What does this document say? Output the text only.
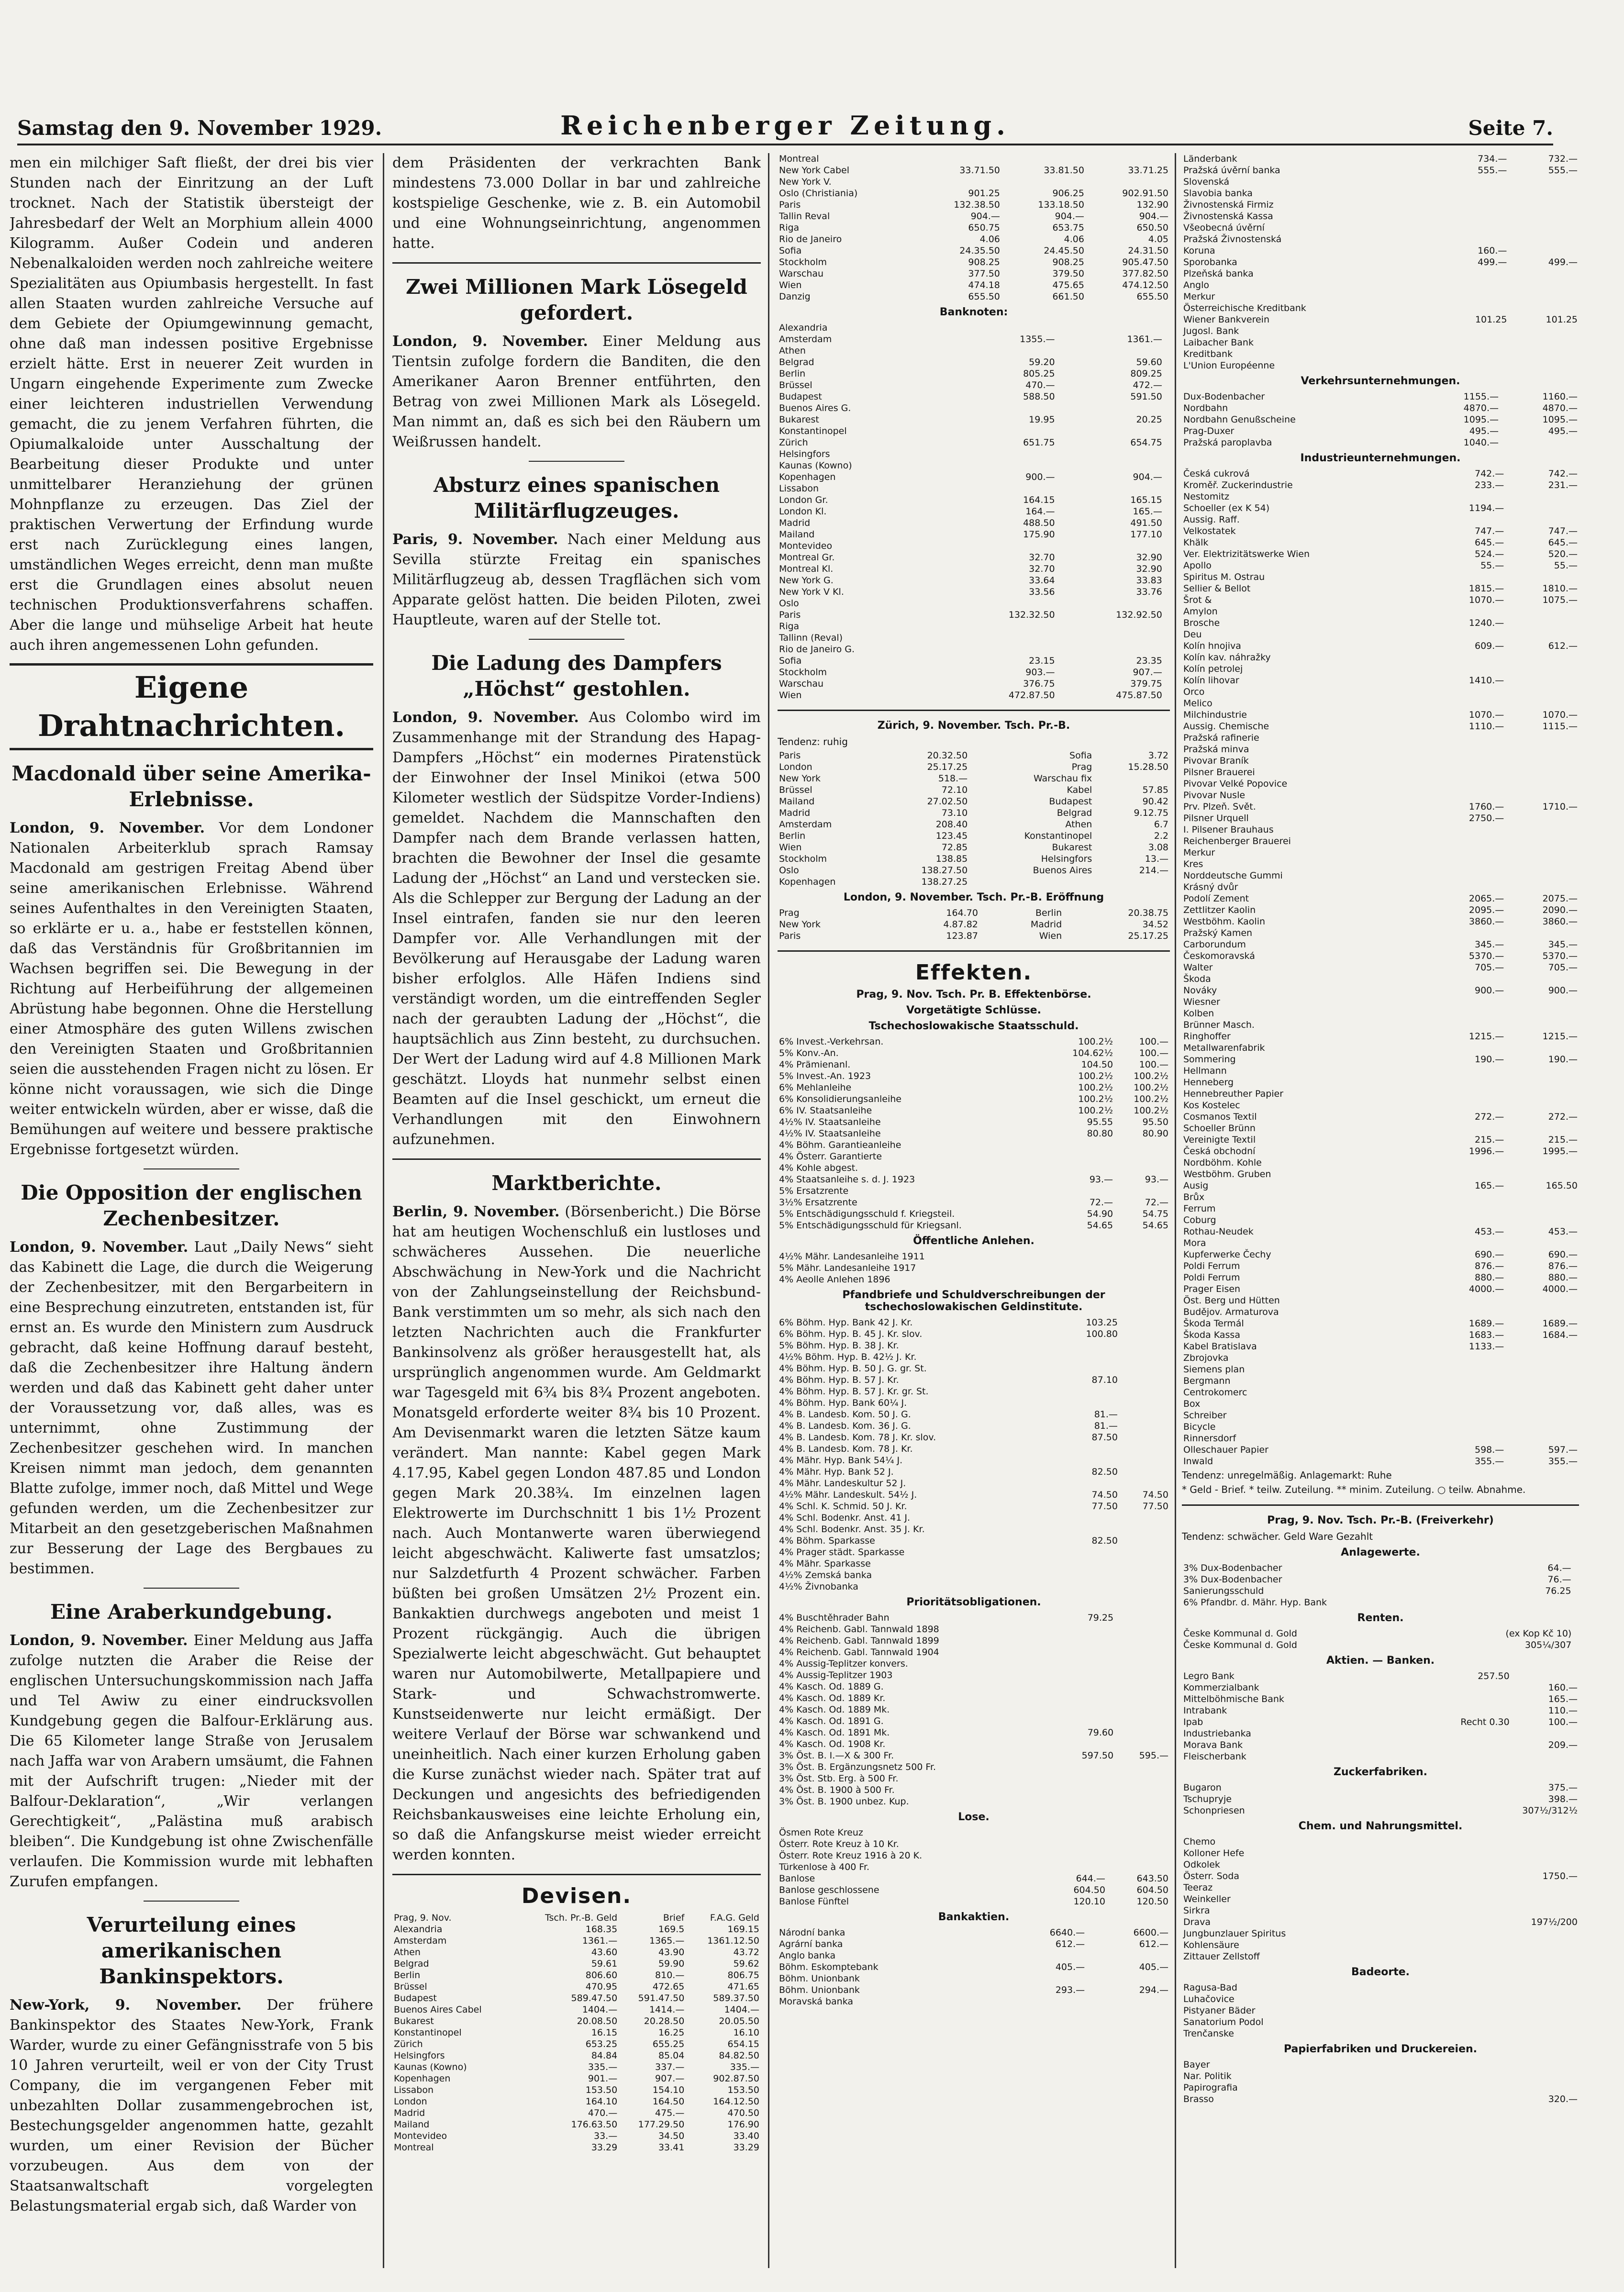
Samstag den 9. November 1929.	Reichenberger Zeitung.	Seite 7.

men ein milchiger Saft fließt, der drei bis vier Stunden nach der Einritzung an der Luft trocknet. Nach der Statistik übersteigt der Jahresbedarf der Welt an Morphium allein 4000 Kilogramm. Außer Codein und anderen Nebenalkaloiden werden noch zahlreiche weitere Spezialitäten aus Opiumbasis hergestellt. In fast allen Staaten wurden zahlreiche Versuche auf dem Gebiete der Opiumgewinnung gemacht, ohne daß man indessen positive Ergebnisse erzielt hätte. Erst in neuerer Zeit wurden in Ungarn eingehende Experimente zum Zwecke einer leichteren industriellen Verwendung gemacht, die zu jenem Verfahren führten, die Opiumalkaloide unter Ausschaltung der Bearbeitung dieser Produkte und unter unmittelbarer Heranziehung der grünen Mohnpflanze zu erzeugen. Das Ziel der praktischen Verwertung der Erfindung wurde erst nach Zurücklegung eines langen, umständlichen Weges erreicht, denn man mußte erst die Grundlagen eines absolut neuen technischen Produktionsverfahrens schaffen. Aber die lange und mühselige Arbeit hat heute auch ihren angemessenen Lohn gefunden.

Eigene Drahtnachrichten.
Macdonald über seine Amerika-Erlebnisse.

London, 9. November. Vor dem Londoner Nationalen Arbeiterklub sprach Ramsay Macdonald am gestrigen Freitag Abend über seine amerikanischen Erlebnisse. Während seines Aufenthaltes in den Vereinigten Staaten, so erklärte er u. a., habe er feststellen können, daß das Verständnis für Großbritannien im Wachsen begriffen sei. Die Bewegung in der Richtung auf Herbeiführung der allgemeinen Abrüstung habe begonnen. Ohne die Herstellung einer Atmosphäre des guten Willens zwischen den Vereinigten Staaten und Großbritannien seien die ausstehenden Fragen nicht zu lösen. Er könne nicht voraussagen, wie sich die Dinge weiter entwickeln würden, aber er wisse, daß die Bemühungen auf weitere und bessere praktische Ergebnisse fortgesetzt würden.

Die Opposition der englischen Zechenbesitzer.

London, 9. November. Laut „Daily News“ sieht das Kabinett die Lage, die durch die Weigerung der Zechenbesitzer, mit den Bergarbeitern in eine Besprechung einzutreten, entstanden ist, für ernst an. Es wurde den Ministern zum Ausdruck gebracht, daß keine Hoffnung darauf besteht, daß die Zechenbesitzer ihre Haltung ändern werden und daß das Kabinett geht daher unter der Voraussetzung vor, daß alles, was es unternimmt, ohne Zustimmung der Zechenbesitzer geschehen wird. In manchen Kreisen nimmt man jedoch, dem genannten Blatte zufolge, immer noch, daß Mittel und Wege gefunden werden, um die Zechenbesitzer zur Mitarbeit an den gesetzgeberischen Maßnahmen zur Besserung der Lage des Bergbaues zu bestimmen.

Eine Araberkundgebung.

London, 9. November. Einer Meldung aus Jaffa zufolge nutzten die Araber die Reise der englischen Untersuchungskommission nach Jaffa und Tel Awiw zu einer eindrucksvollen Kundgebung gegen die Balfour-Erklärung aus. Die 65 Kilometer lange Straße von Jerusalem nach Jaffa war von Arabern umsäumt, die Fahnen mit der Aufschrift trugen: „Nieder mit der Balfour-Deklaration“, „Wir verlangen Gerechtigkeit“, „Palästina muß arabisch bleiben“. Die Kundgebung ist ohne Zwischenfälle verlaufen. Die Kommission wurde mit lebhaften Zurufen empfangen.

Verurteilung eines amerikanischen Bankinspektors.

New-York, 9. November. Der frühere Bankinspektor des Staates New-York, Frank Warder, wurde zu einer Gefängnisstrafe von 5 bis 10 Jahren verurteilt, weil er von der City Trust Company, die im vergangenen Feber mit unbezahlten Dollar zusammengebrochen ist, Bestechungsgelder angenommen hatte, gezahlt wurden, um einer Revision der Bücher vorzubeugen. Aus dem von der Staatsanwaltschaft vorgelegten Belastungsmaterial ergab sich, daß Warder von

dem Präsidenten der verkrachten Bank mindestens 73.000 Dollar in bar und zahlreiche kostspielige Geschenke, wie z. B. ein Automobil und eine Wohnungseinrichtung, angenommen hatte.

Zwei Millionen Mark Lösegeld gefordert.

London, 9. November. Einer Meldung aus Tientsin zufolge fordern die Banditen, die den Amerikaner Aaron Brenner entführten, den Betrag von zwei Millionen Mark als Lösegeld. Man nimmt an, daß es sich bei den Räubern um Weißrussen handelt.

Absturz eines spanischen Militärflugzeuges.

Paris, 9. November. Nach einer Meldung aus Sevilla stürzte Freitag ein spanisches Militärflugzeug ab, dessen Tragflächen sich vom Apparate gelöst hatten. Die beiden Piloten, zwei Hauptleute, waren auf der Stelle tot.

Die Ladung des Dampfers „Höchst“ gestohlen.

London, 9. November. Aus Colombo wird im Zusammenhange mit der Strandung des Hapag-Dampfers „Höchst“ ein modernes Piratenstück der Einwohner der Insel Minikoi (etwa 500 Kilometer westlich der Südspitze Vorder-Indiens) gemeldet. Nachdem die Mannschaften den Dampfer nach dem Brande verlassen hatten, brachten die Bewohner der Insel die gesamte Ladung der „Höchst“ an Land und verstecken sie. Als die Schlepper zur Bergung der Ladung an der Insel eintrafen, fanden sie nur den leeren Dampfer vor. Alle Verhandlungen mit der Bevölkerung auf Herausgabe der Ladung waren bisher erfolglos. Alle Häfen Indiens sind verständigt worden, um die eintreffenden Segler nach der geraubten Ladung der „Höchst“, die hauptsächlich aus Zinn besteht, zu durchsuchen. Der Wert der Ladung wird auf 4.8 Millionen Mark geschätzt. Lloyds hat nunmehr selbst einen Beamten auf die Insel geschickt, um erneut die Verhandlungen mit den Einwohnern aufzunehmen.

Marktberichte.

Berlin, 9. November. (Börsenbericht.) Die Börse hat am heutigen Wochenschluß ein lustloses und schwächeres Aussehen. Die neuerliche Abschwächung in New-York und die Nachricht von der Zahlungseinstellung der Reichsbund-Bank verstimmten um so mehr, als sich nach den letzten Nachrichten auch die Frankfurter Bankinsolvenz als größer herausgestellt hat, als ursprünglich angenommen wurde. Am Geldmarkt war Tagesgeld mit 6¾ bis 8¾ Prozent angeboten. Monatsgeld erforderte weiter 8¾ bis 10 Prozent. Am Devisenmarkt waren die letzten Sätze kaum verändert. Man nannte: Kabel gegen Mark 4.17.95, Kabel gegen London 487.85 und London gegen Mark 20.38¾. Im einzelnen lagen Elektrowerte im Durchschnitt 1 bis 1½ Prozent nach. Auch Montanwerte waren überwiegend leicht abgeschwächt. Kaliwerte fast umsatzlos; nur Salzdetfurth 4 Prozent schwächer. Farben büßten bei großen Umsätzen 2½ Prozent ein. Bankaktien durchwegs angeboten und meist 1 Prozent rückgängig. Auch die übrigen Spezialwerte leicht abgeschwächt. Gut behauptet waren nur Automobilwerte, Metallpapiere und Stark- und Schwachstromwerte. Kunstseidenwerte nur leicht ermäßigt. Der weitere Verlauf der Börse war schwankend und uneinheitlich. Nach einer kurzen Erholung gaben die Kurse zunächst wieder nach. Später trat auf Deckungen und angesichts des befriedigenden Reichsbankausweises eine leichte Erholung ein, so daß die Anfangskurse meist wieder erreicht werden konnten.

Devisen.
Prag, 9. Nov.	Tsch. Pr.-B. Geld	Brief	F.A.G. Geld
Alexandria	168.35	169.5	169.15
Amsterdam	1361.—	1365.—	1361.12.50
Athen	43.60	43.90	43.72
Belgrad	59.61	59.90	59.62
Berlin	806.60	810.—	806.75
Brüssel	470.95	472.65	471.65
Budapest	589.47.50	591.47.50	589.37.50
Buenos Aires Cabel	1404.—	1414.—	1404.—
Bukarest	20.08.50	20.28.50	20.05.50
Konstantinopel	16.15	16.25	16.10
Zürich	653.25	655.25	654.15
Helsingfors	84.84	85.04	84.82.50
Kaunas (Kowno)	335.—	337.—	335.—
Kopenhagen	901.—	907.—	902.87.50
Lissabon	153.50	154.10	153.50
London	164.10	164.50	164.12.50
Madrid	470.—	475.—	470.50
Mailand	176.63.50	177.29.50	176.90
Montevideo	33.—	34.50	33.40
Montreal	33.29	33.41	33.29
Montreal			
New York Cabel	33.71.50	33.81.50	33.71.25
New York V.			
Oslo (Christiania)	901.25	906.25	902.91.50
Paris	132.38.50	133.18.50	132.90
Tallin Reval	904.—	904.—	904.—
Riga	650.75	653.75	650.50
Rio de Janeiro	4.06	4.06	4.05
Sofia	24.35.50	24.45.50	24.31.50
Stockholm	908.25	908.25	905.47.50
Warschau	377.50	379.50	377.82.50
Wien	474.18	475.65	474.12.50
Danzig	655.50	661.50	655.50
Banknoten:
Alexandria			
Amsterdam	1355.—	1361.—	
Athen			
Belgrad	59.20	59.60	
Berlin	805.25	809.25	
Brüssel	470.—	472.—	
Budapest	588.50	591.50	
Buenos Aires G.			
Bukarest	19.95	20.25	
Konstantinopel			
Zürich	651.75	654.75	
Helsingfors			
Kaunas (Kowno)			
Kopenhagen	900.—	904.—	
Lissabon			
London Gr.	164.15	165.15	
London Kl.	164.—	165.—	
Madrid	488.50	491.50	
Mailand	175.90	177.10	
Montevideo			
Montreal Gr.	32.70	32.90	
Montreal Kl.	32.70	32.90	
New York G.	33.64	33.83	
New York V Kl.	33.56	33.76	
Oslo			
Paris	132.32.50	132.92.50	
Riga			
Tallinn (Reval)			
Rio de Janeiro G.			
Sofia	23.15	23.35	
Stockholm	903.—	907.—	
Warschau	376.75	379.75	
Wien	472.87.50	475.87.50	
Zürich, 9. November. Tsch. Pr.-B.
Tendenz: ruhig
Paris	20.32.50	Sofia	3.72
London	25.17.25	Prag	15.28.50
New York	518.—	Warschau fix	
Brüssel	72.10	Kabel	57.85
Mailand	27.02.50	Budapest	90.42
Madrid	73.10	Belgrad	9.12.75
Amsterdam	208.40	Athen	6.7
Berlin	123.45	Konstantinopel	2.2
Wien	72.85	Bukarest	3.08
Stockholm	138.85	Helsingfors	13.—
Oslo	138.27.50	Buenos Aires	214.—
Kopenhagen	138.27.25		
London, 9. November. Tsch. Pr.-B. Eröffnung
Prag	164.70	Berlin	20.38.75
New York	4.87.82	Madrid	34.52
Paris	123.87	Wien	25.17.25
Effekten.
Prag, 9. Nov. Tsch. Pr. B. Effektenbörse.
Vorgetätigte Schlüsse.
Tschechoslowakische Staatsschuld.
6% Invest.-Verkehrsan.	100.2½	100.—
5% Konv.-An.	104.62½	100.—
4% Prämienanl.	104.50	100.—
5% Invest.-An. 1923	100.2½	100.2½
6% Mehlanleihe	100.2½	100.2½
6% Konsolidierungsanleihe	100.2½	100.2½
6% IV. Staatsanleihe	100.2½	100.2½
4½% IV. Staatsanleihe	95.55	95.50
4½% IV. Staatsanleihe	80.80	80.90
4% Böhm. Garantieanleihe		
4% Österr. Garantierte		
4% Kohle abgest.		
4% Staatsanleihe s. d. J. 1923	93.—	93.—
5% Ersatzrente		
3½% Ersatzrente	72.—	72.—
5% Entschädigungsschuld f. Kriegsteil.	54.90	54.75
5% Entschädigungsschuld für Kriegsanl.	54.65	54.65
Öffentliche Anlehen.
4½% Mähr. Landesanleihe 1911		
5% Mähr. Landesanleihe 1917		
4% Aeolle Anlehen 1896		
Pfandbriefe und Schuldverschreibungen der tschechoslowakischen Geldinstitute.
6% Böhm. Hyp. Bank 42 J. Kr.	103.25	
6% Böhm. Hyp. B. 45 J. Kr. slov.	100.80	
5% Böhm. Hyp. B. 38 J. Kr.		
4½% Böhm. Hyp. B. 42½ J. Kr.		
4% Böhm. Hyp. B. 50 J. G. gr. St.		
4% Böhm. Hyp. B. 57 J. Kr.	87.10	
4% Böhm. Hyp. B. 57 J. Kr. gr. St.		
4% Böhm. Hyp. Bank 60¼ J.		
4% B. Landesb. Kom. 50 J. G.	81.—	
4% B. Landesb. Kom. 36 J. G.	81.—	
4% B. Landesb. Kom. 78 J. Kr. slov.	87.50	
4% B. Landesb. Kom. 78 J. Kr.		
4% Mähr. Hyp. Bank 54¼ J.		
4% Mähr. Hyp. Bank 52 J.	82.50	
4% Mähr. Landeskultur 52 J.		
4½% Mähr. Landeskult. 54½ J.	74.50	74.50
4% Schl. K. Schmid. 50 J. Kr.	77.50	77.50
4% Schl. Bodenkr. Anst. 41 J.		
4% Schl. Bodenkr. Anst. 35 J. Kr.		
4% Böhm. Sparkasse	82.50	
4% Prager städt. Sparkasse		
4% Mähr. Sparkasse		
4½% Zemská banka		
4½% Živnobanka		
Prioritätsobligationen.
4% Buschtěhrader Bahn	79.25	
4% Reichenb. Gabl. Tannwald 1898		
4% Reichenb. Gabl. Tannwald 1899		
4% Reichenb. Gabl. Tannwald 1904		
4% Aussig-Teplitzer konvers.		
4% Aussig-Teplitzer 1903		
4% Kasch. Od. 1889 G.		
4% Kasch. Od. 1889 Kr.		
4% Kasch. Od. 1889 Mk.		
4% Kasch. Od. 1891 G.		
4% Kasch. Od. 1891 Mk.	79.60	
4% Kasch. Od. 1908 Kr.		
3% Öst. B. I.—X & 300 Fr.	597.50	595.—
3% Öst. B. Ergänzungsnetz 500 Fr.		
3% Öst. Stb. Erg. à 500 Fr.		
4% Öst. B. 1900 à 500 Fr.		
3% Öst. B. 1900 unbez. Kup.		
Lose.
Ösmen Rote Kreuz		
Österr. Rote Kreuz à 10 Kr.		
Österr. Rote Kreuz 1916 à 20 K.		
Türkenlose à 400 Fr.		
Banlose	644.—	643.50
Banlose geschlossene	604.50	604.50
Banlose Fünftel	120.10	120.50
Bankaktien.
Národní banka	6640.—	6600.—
Agrární banka	612.—	612.—
Anglo banka		
Böhm. Eskomptebank	405.—	405.—
Böhm. Unionbank		
Böhm. Unionbank	293.—	294.—
Moravská banka		
Länderbank	734.—	732.—
Pražská úvěrní banka	555.—	555.—
Slovenská		
Slavobia banka		
Živnostenská Firmiz		
Živnostenská Kassa		
Všeobecná úvěrní		
Pražská Živnostenská		
Koruna	160.—	
Sporobanka	499.—	499.—
Plzeňská banka		
Anglo		
Merkur		
Österreichische Kreditbank		
Wiener Bankverein	101.25	101.25
Jugosl. Bank		
Laibacher Bank		
Kreditbank		
L'Union Européenne		
Verkehrsunternehmungen.
Dux-Bodenbacher	1155.—	1160.—
Nordbahn	4870.—	4870.—
Nordbahn Genußscheine	1095.—	1095.—
Prag-Duxer	495.—	495.—
Pražská paroplavba	1040.—	
Industrieunternehmungen.
Česká cukrová	742.—	742.—
Kroměř. Zuckerindustrie	233.—	231.—
Nestomitz		
Schoeller (ex K 54)	1194.—	
Aussig. Raff.		
Velkostatek	747.—	747.—
Khälk	645.—	645.—
Ver. Elektrizitätswerke Wien	524.—	520.—
Apollo	55.—	55.—
Spiritus M. Ostrau		
Sellier & Bellot	1815.—	1810.—
Šrot &	1070.—	1075.—
Amylon		
Brosche	1240.—	
Deu		
Kolín hnojiva	609.—	612.—
Kolín kav. náhražky		
Kolín petrolej		
Kolín lihovar	1410.—	
Orco		
Melico		
Milchindustrie	1070.—	1070.—
Aussig. Chemische	1110.—	1115.—
Pražská rafinerie		
Pražská minva		
Pivovar Braník		
Pilsner Brauerei		
Pivovar Velké Popovice		
Pivovar Nusle		
Prv. Plzeň. Svět.	1760.—	1710.—
Pilsner Urquell	2750.—	
I. Pilsener Brauhaus		
Reichenberger Brauerei		
Merkur		
Kres		
Norddeutsche Gummi		
Krásný dvůr		
Podolí Zement	2065.—	2075.—
Zettlitzer Kaolin	2095.—	2090.—
Westböhm. Kaolin	3860.—	3860.—
Pražský Kamen		
Carborundum	345.—	345.—
Českomoravská	5370.—	5370.—
Walter	705.—	705.—
Škoda		
Nováky	900.—	900.—
Wiesner		
Kolben		
Brünner Masch.		
Ringhoffer	1215.—	1215.—
Metallwarenfabrik		
Sommering	190.—	190.—
Hellmann		
Henneberg		
Hennebreuther Papier		
Kos Kostelec		
Cosmanos Textil	272.—	272.—
Schoeller Brünn		
Vereinigte Textil	215.—	215.—
Česká obchodní	1996.—	1995.—
Nordböhm. Kohle		
Westböhm. Gruben		
Ausig	165.—	165.50
Brůx		
Ferrum		
Coburg		
Rothau-Neudek	453.—	453.—
Mora		
Kupferwerke Čechy	690.—	690.—
Poldi Ferrum	876.—	876.—
Poldi Ferrum	880.—	880.—
Prager Eisen	4000.—	4000.—
Öst. Berg und Hütten		
Budějov. Armaturova		
Škoda Termál	1689.—	1689.—
Škoda Kassa	1683.—	1684.—
Kabel Bratislava	1133.—	
Zbrojovka		
Siemens plan		
Bergmann		
Centrokomerc		
Box		
Schreiber		
Bicycle		
Rinnersdorf		
Olleschauer Papier	598.—	597.—
Inwald	355.—	355.—
Tendenz: unregelmäßig. Anlagemarkt: Ruhe
* Geld - Brief. * teilw. Zuteilung. ** minim. Zuteilung. ○ teilw. Abnahme.
Prag, 9. Nov. Tsch. Pr.-B. (Freiverkehr)
Tendenz: schwächer. Geld Ware Gezahlt
Anlagewerte.
3% Dux-Bodenbacher	64.—	
3% Dux-Bodenbacher	76.—	
Sanierungsschuld	76.25	
6% Pfandbr. d. Mähr. Hyp. Bank		
Renten.
Česke Kommunal d. Gold	(ex Kop Kč 10)	
Česke Kommunal d. Gold	305¼/307	
Aktien. — Banken.
Legro Bank	257.50	
Kommerzialbank		160.—
Mittelböhmische Bank		165.—
Intrabank		110.—
Ipab	Recht 0.30	100.—
Industriebanka		
Morava Bank		209.—
Fleischerbank		
Zuckerfabriken.
Bugaron		375.—
Tschupryje		398.—
Schonpriesen		307½/312½
Chem. und Nahrungsmittel.
Chemo		
Kolloner Hefe		
Odkolek		
Österr. Soda		1750.—
Teeraz		
Weinkeller		
Sirkra		
Drava		197½/200
Jungbunzlauer Spiritus		
Kohlensäure		
Zittauer Zellstoff		
Badeorte.
Ragusa-Bad		
Luhačovice		
Pistyaner Bäder		
Sanatorium Podol		
Trenčanske		
Papierfabriken und Druckereien.
Bayer		
Nar. Politik		
Papirografia		
Brasso		320.—
